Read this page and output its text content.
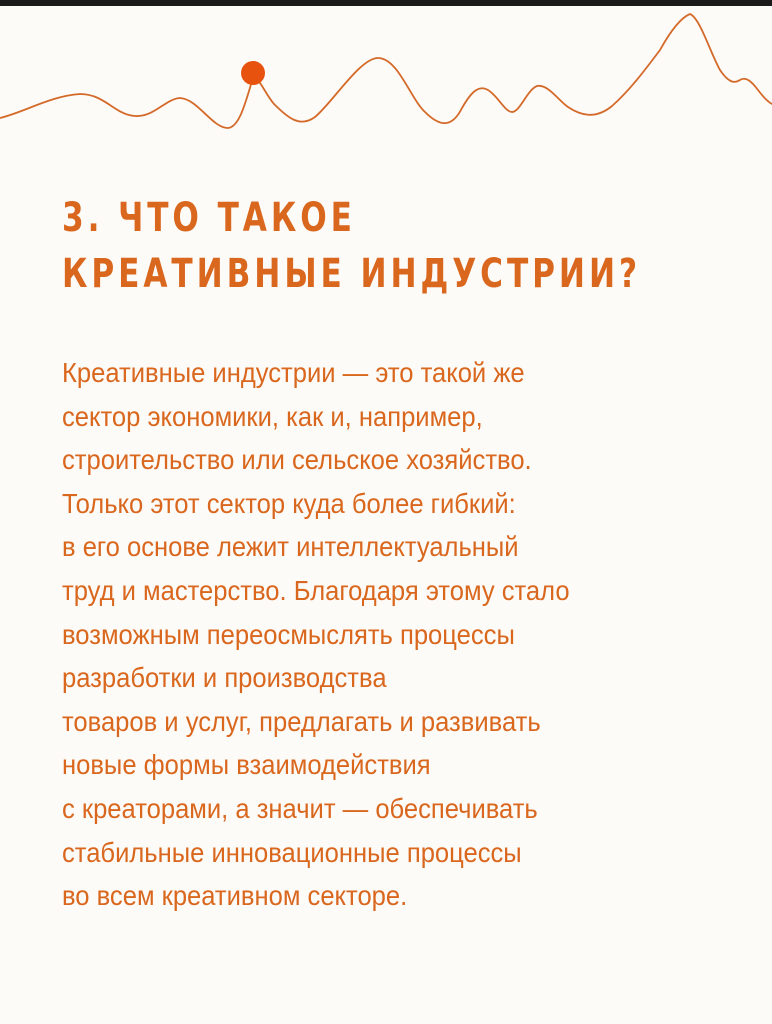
3. ЧТО ТАКОЕ
КРЕАТИВНЫЕ ИНДУСТРИИ?
Креативные индустрии — это такой же
сектор экономики, как и, например,
строительство или сельское хозяйство.
Только этот сектор куда более гибкий:
в его основе лежит интеллектуальный
труд и мастерство. Благодаря этому стало
возможным переосмыслять процессы
разработки и производства
товаров и услуг, предлагать и развивать
новые формы взаимодействия
с креаторами, а значит — обеспечивать
стабильные инновационные процессы
во всем креативном секторе.
